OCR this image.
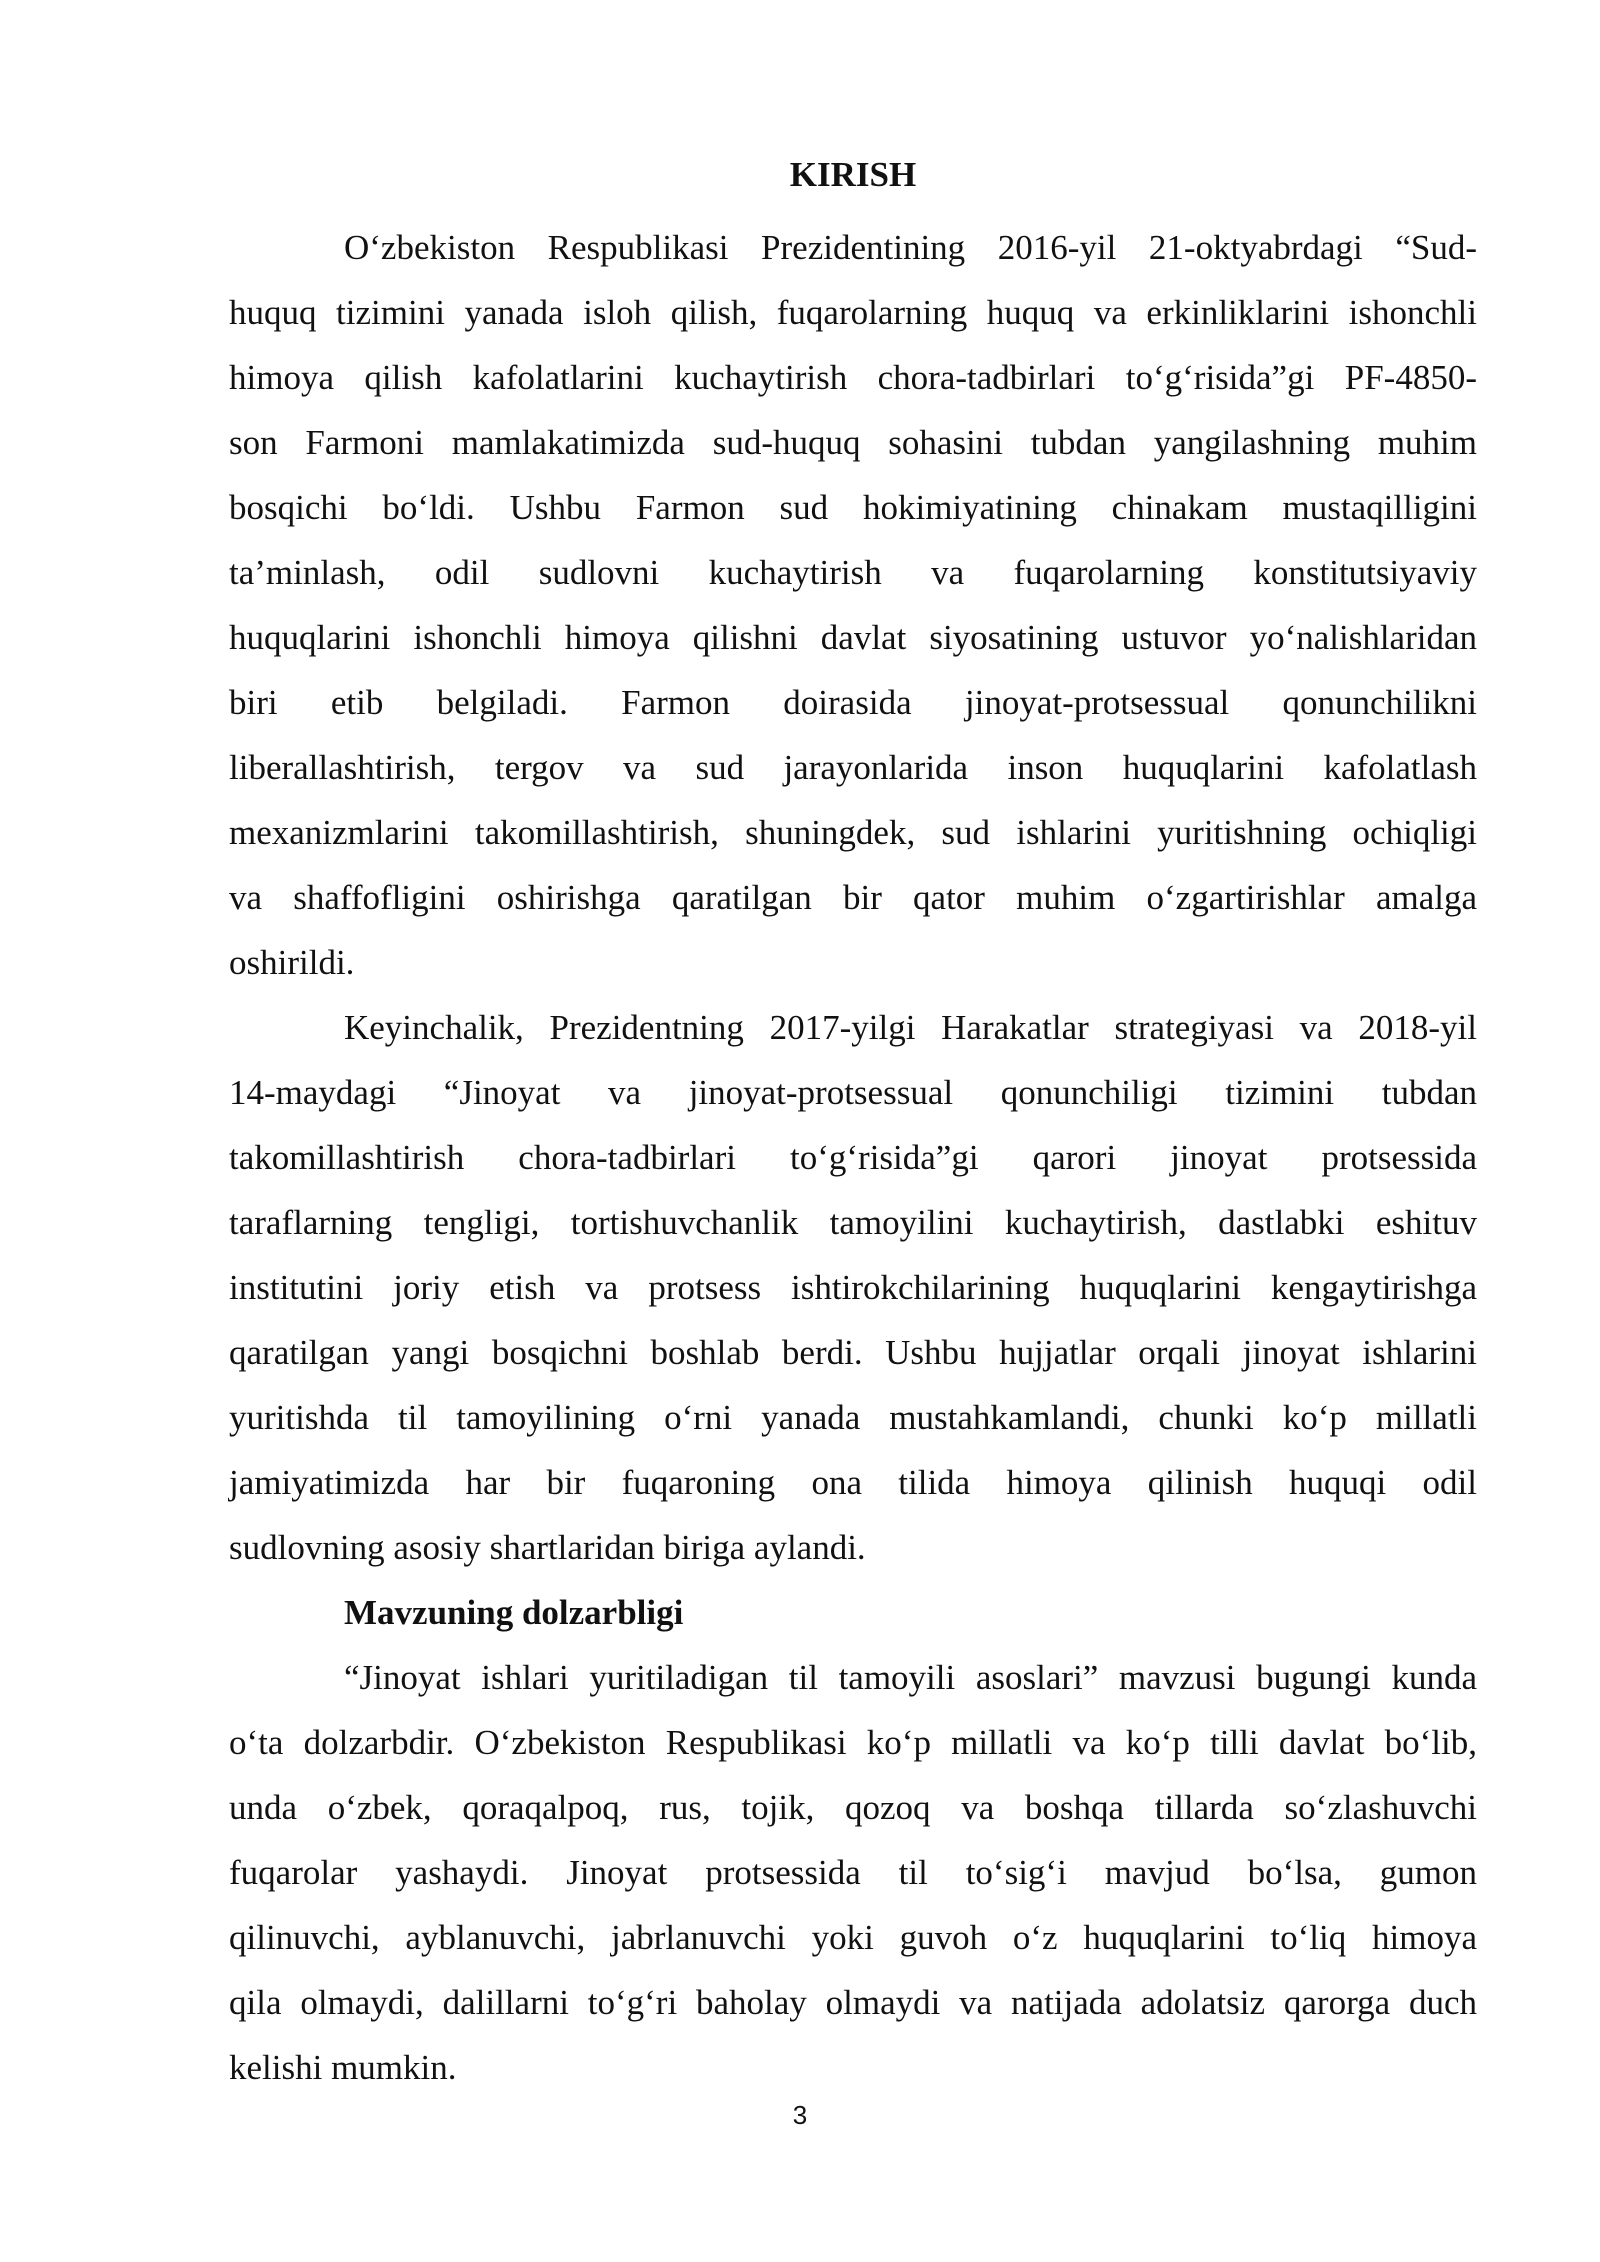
KIRISH
O‘zbekiston Respublikasi Prezidentining 2016-yil 21-oktyabrdagi “Sud-
huquq tizimini yanada isloh qilish, fuqarolarning huquq va erkinliklarini ishonchli
himoya qilish kafolatlarini kuchaytirish chora-tadbirlari to‘g‘risida”gi PF-4850-
son Farmoni mamlakatimizda sud-huquq sohasini tubdan yangilashning muhim
bosqichi bo‘ldi. Ushbu Farmon sud hokimiyatining chinakam mustaqilligini
ta’minlash, odil sudlovni kuchaytirish va fuqarolarning konstitutsiyaviy
huquqlarini ishonchli himoya qilishni davlat siyosatining ustuvor yo‘nalishlaridan
biri etib belgiladi. Farmon doirasida jinoyat-protsessual qonunchilikni
liberallashtirish, tergov va sud jarayonlarida inson huquqlarini kafolatlash
mexanizmlarini takomillashtirish, shuningdek, sud ishlarini yuritishning ochiqligi
va shaffofligini oshirishga qaratilgan bir qator muhim o‘zgartirishlar amalga
oshirildi.
Keyinchalik, Prezidentning 2017-yilgi Harakatlar strategiyasi va 2018-yil
14-maydagi “Jinoyat va jinoyat-protsessual qonunchiligi tizimini tubdan
takomillashtirish chora-tadbirlari to‘g‘risida”gi qarori jinoyat protsessida
taraflarning tengligi, tortishuvchanlik tamoyilini kuchaytirish, dastlabki eshituv
institutini joriy etish va protsess ishtirokchilarining huquqlarini kengaytirishga
qaratilgan yangi bosqichni boshlab berdi. Ushbu hujjatlar orqali jinoyat ishlarini
yuritishda til tamoyilining o‘rni yanada mustahkamlandi, chunki ko‘p millatli
jamiyatimizda har bir fuqaroning ona tilida himoya qilinish huquqi odil
sudlovning asosiy shartlaridan biriga aylandi.
Mavzuning dolzarbligi
“Jinoyat ishlari yuritiladigan til tamoyili asoslari” mavzusi bugungi kunda
o‘ta dolzarbdir. O‘zbekiston Respublikasi ko‘p millatli va ko‘p tilli davlat bo‘lib,
unda o‘zbek, qoraqalpoq, rus, tojik, qozoq va boshqa tillarda so‘zlashuvchi
fuqarolar yashaydi. Jinoyat protsessida til to‘sig‘i mavjud bo‘lsa, gumon
qilinuvchi, ayblanuvchi, jabrlanuvchi yoki guvoh o‘z huquqlarini to‘liq himoya
qila olmaydi, dalillarni to‘g‘ri baholay olmaydi va natijada adolatsiz qarorga duch
kelishi mumkin.
3
